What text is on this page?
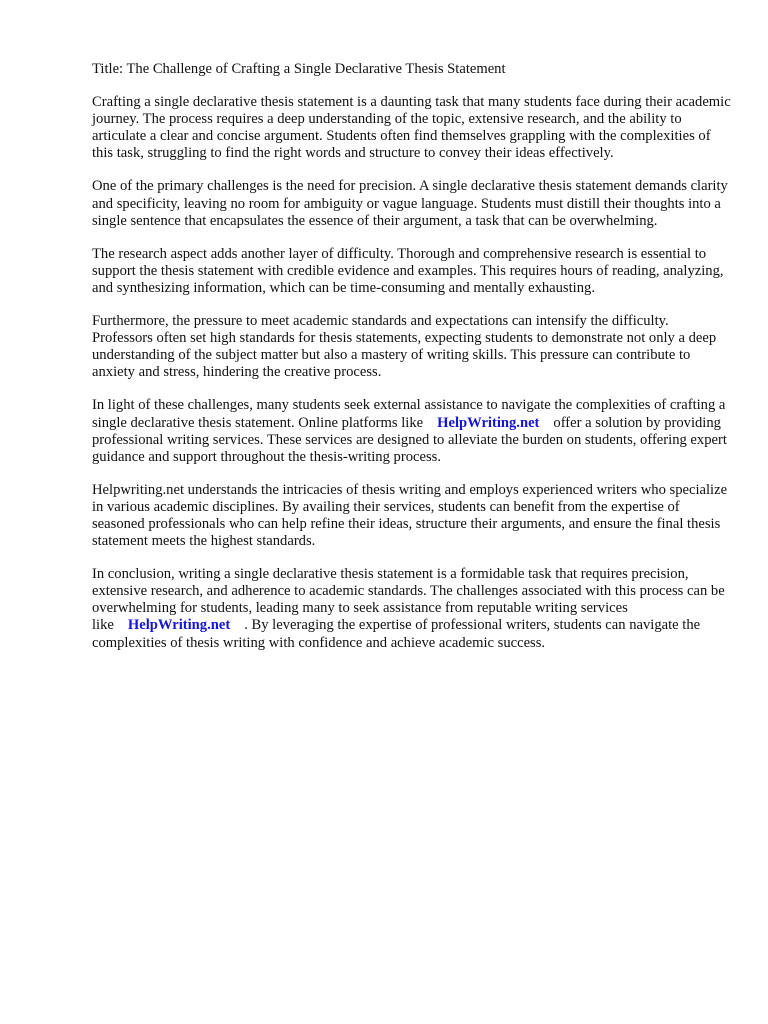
Title: The Challenge of Crafting a Single Declarative Thesis Statement

Crafting a single declarative thesis statement is a daunting task that many students face during their academic journey. The process requires a deep understanding of the topic, extensive research, and the ability to articulate a clear and concise argument. Students often find themselves grappling with the complexities of this task, struggling to find the right words and structure to convey their ideas effectively.

One of the primary challenges is the need for precision. A single declarative thesis statement demands clarity and specificity, leaving no room for ambiguity or vague language. Students must distill their thoughts into a single sentence that encapsulates the essence of their argument, a task that can be overwhelming.

The research aspect adds another layer of difficulty. Thorough and comprehensive research is essential to support the thesis statement with credible evidence and examples. This requires hours of reading, analyzing, and synthesizing information, which can be time-consuming and mentally exhausting.

Furthermore, the pressure to meet academic standards and expectations can intensify the difficulty. Professors often set high standards for thesis statements, expecting students to demonstrate not only a deep understanding of the subject matter but also a mastery of writing skills. This pressure can contribute to anxiety and stress, hindering the creative process.

In light of these challenges, many students seek external assistance to navigate the complexities of crafting a single declarative thesis statement. Online platforms like HelpWriting.net offer a solution by providing professional writing services. These services are designed to alleviate the burden on students, offering expert guidance and support throughout the thesis-writing process.

Helpwriting.net understands the intricacies of thesis writing and employs experienced writers who specialize in various academic disciplines. By availing their services, students can benefit from the expertise of seasoned professionals who can help refine their ideas, structure their arguments, and ensure the final thesis statement meets the highest standards.

In conclusion, writing a single declarative thesis statement is a formidable task that requires precision, extensive research, and adherence to academic standards. The challenges associated with this process can be overwhelming for students, leading many to seek assistance from reputable writing services like HelpWriting.net . By leveraging the expertise of professional writers, students can navigate the complexities of thesis writing with confidence and achieve academic success.
